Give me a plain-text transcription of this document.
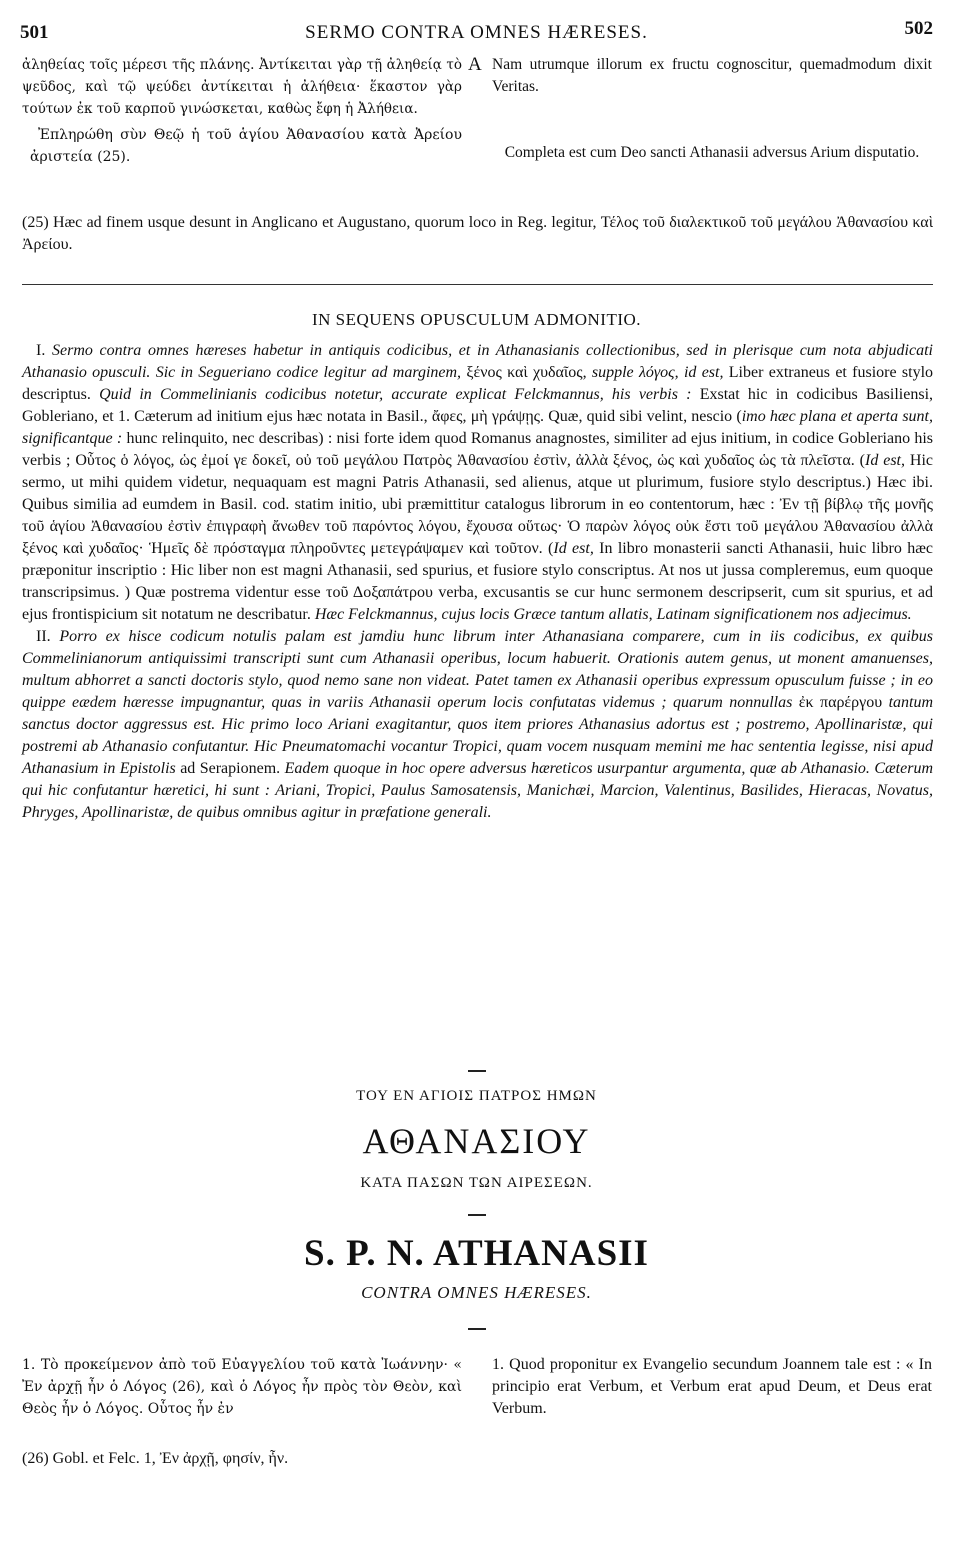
501	SERMO CONTRA OMNES HÆRESES.	502
ἀληθείας τοῖς μέρεσι τῆς πλάνης. Ἀντίκειται γὰρ τῇ ἀληθείᾳ τὸ ψεῦδος, καὶ τῷ ψεύδει ἀντίκειται ἡ ἀλήθεια· ἕκαστον γὰρ τούτων ἐκ τοῦ καρποῦ γινώσκεται, καθὼς ἔφη ἡ Ἀλήθεια.
Ἐπληρώθη σὺν Θεῷ ἡ τοῦ ἁγίου Ἀθανασίου κατὰ Ἀρείου ἀριστεία (25).
A Nam utrumque illorum ex fructu cognoscitur, quemadmodum dixit Veritas.
Completa est cum Deo sancti Athanasii adversus Arium disputatio.
(25) Hæc ad finem usque desunt in Anglicano et Augustano, quorum loco in Reg. legitur, Τέλος τοῦ διαλεκτικοῦ τοῦ μεγάλου Ἀθανασίου καὶ Ἀρείου.
IN SEQUENS OPUSCULUM ADMONITIO.

I. Sermo contra omnes hæreses habetur in antiquis codicibus, et in Athanasianis collectionibus, sed in plerisque cum nota abjudicati Athanasio opusculi. Sic in Segueriano codice legitur ad marginem, ξένος καὶ χυδαῖος, supple λόγος, id est, Liber extraneus et fusiore stylo descriptus. Quid in Commelinianis codicibus notetur, accurate explicat Felckmannus, his verbis : Exstat hic in codicibus Basiliensi, Gobleriano, et 1. Cæterum ad initium ejus hæc notata in Basil., ἄφες, μὴ γράψῃς. Quæ, quid sibi velint, nescio (imo hæc plana et aperta sunt, significantque : hunc relinquito, nec describas) : nisi forte idem quod Romanus anagnostes, similiter ad ejus initium, in codice Gobleriano his verbis ; Οὗτος ὁ λόγος, ὡς ἐμοί γε δοκεῖ, οὐ τοῦ μεγάλου Πατρὸς Ἀθανασίου ἐστὶν, ἀλλὰ ξένος, ὡς καὶ χυδαῖος ὡς τὰ πλεῖστα. (Id est, Hic sermo, ut mihi quidem videtur, nequaquam est magni Patris Athanasii, sed alienus, atque ut plurimum, fusiore stylo descriptus.) Hæc ibi. Quibus similia ad eumdem in Basil. cod. statim initio, ubi præmittitur catalogus librorum in eo contentorum, hæc : Ἐν τῇ βίβλῳ τῆς μονῆς τοῦ ἁγίου Ἀθανασίου ἐστὶν ἐπιγραφὴ ἄνωθεν τοῦ παρόντος λόγου, ἔχουσα οὕτως· Ὁ παρὼν λόγος οὐκ ἔστι τοῦ μεγάλου Ἀθανασίου ἀλλὰ ξένος καὶ χυδαῖος· Ἡμεῖς δὲ πρόσταγμα πληροῦντες μετεγράψαμεν καὶ τοῦτον. (Id est, In libro monasterii sancti Athanasii, huic libro hæc præponitur inscriptio : Hic liber non est magni Athanasii, sed spurius, et fusiore stylo conscriptus. At nos ut jussa compleremus, eum quoque transcripsimus. ) Quæ postrema videntur esse τοῦ Δοξαπάτρου verba, excusantis se cur hunc sermonem descripserit, cum sit spurius, et ad ejus frontispicium sit notatum ne describatur. Hæc Felckmannus, cujus locis Græce tantum allatis, Latinam significationem nos adjecimus.

II. Porro ex hisce codicum notulis palam est jamdiu hunc librum inter Athanasiana comparere, cum in iis codicibus, ex quibus Commelinianorum antiquissimi transcripti sunt cum Athanasii operibus, locum habuerit. Orationis autem genus, ut monent amanuenses, multum abhorret a sancti doctoris stylo, quod nemo sane non videat. Patet tamen ex Athanasii operibus expressum opusculum fuisse ; in eo quippe eædem hæresse impugnantur, quas in variis Athanasii operum locis confutatas videmus ; quarum nonnullas ἐκ παρέργου tantum sanctus doctor aggressus est. Hic primo loco Ariani exagitantur, quos item priores Athanasius adortus est ; postremo, Apollinaristæ, qui postremi ab Athanasio confutantur. Hic Pneumatomachi vocantur Tropici, quam vocem nusquam memini me hac sententia legisse, nisi apud Athanasium in Epistolis ad Serapionem. Eadem quoque in hoc opere adversus hæreticos usurpantur argumenta, quæ ab Athanasio. Cæterum qui hic confutantur hæretici, hi sunt : Ariani, Tropici, Paulus Samosatensis, Manichæi, Marcion, Valentinus, Basilides, Hieracas, Novatus, Phryges, Apollinaristæ, de quibus omnibus agitur in præfatione generali.

ΤΟΥ ΕΝ ΑΓΙΟΙΣ ΠΑΤΡΟΣ ΗΜΩΝ
ΑΘΑΝΑΣΙΟΥ
ΚΑΤΑ ΠΑΣΩΝ ΤΩΝ ΑΙΡΕΣΕΩΝ.
S. P. N. ATHANASII
CONTRA OMNES HÆRESES.
1. Τὸ προκείμενον ἀπὸ τοῦ Εὐαγγελίου τοῦ κατὰ Ἰωάννην· « Ἐν ἀρχῇ ἦν ὁ Λόγος (26), καὶ ὁ Λόγος ἦν πρὸς τὸν Θεὸν, καὶ Θεὸς ἦν ὁ Λόγος. Οὗτος ἦν ἐν
1. Quod proponitur ex Evangelio secundum Joannem tale est : « In principio erat Verbum, et Verbum erat apud Deum, et Deus erat Verbum.
(26) Gobl. et Felc. 1, Ἐν ἀρχῇ, φησίν, ἦν.
